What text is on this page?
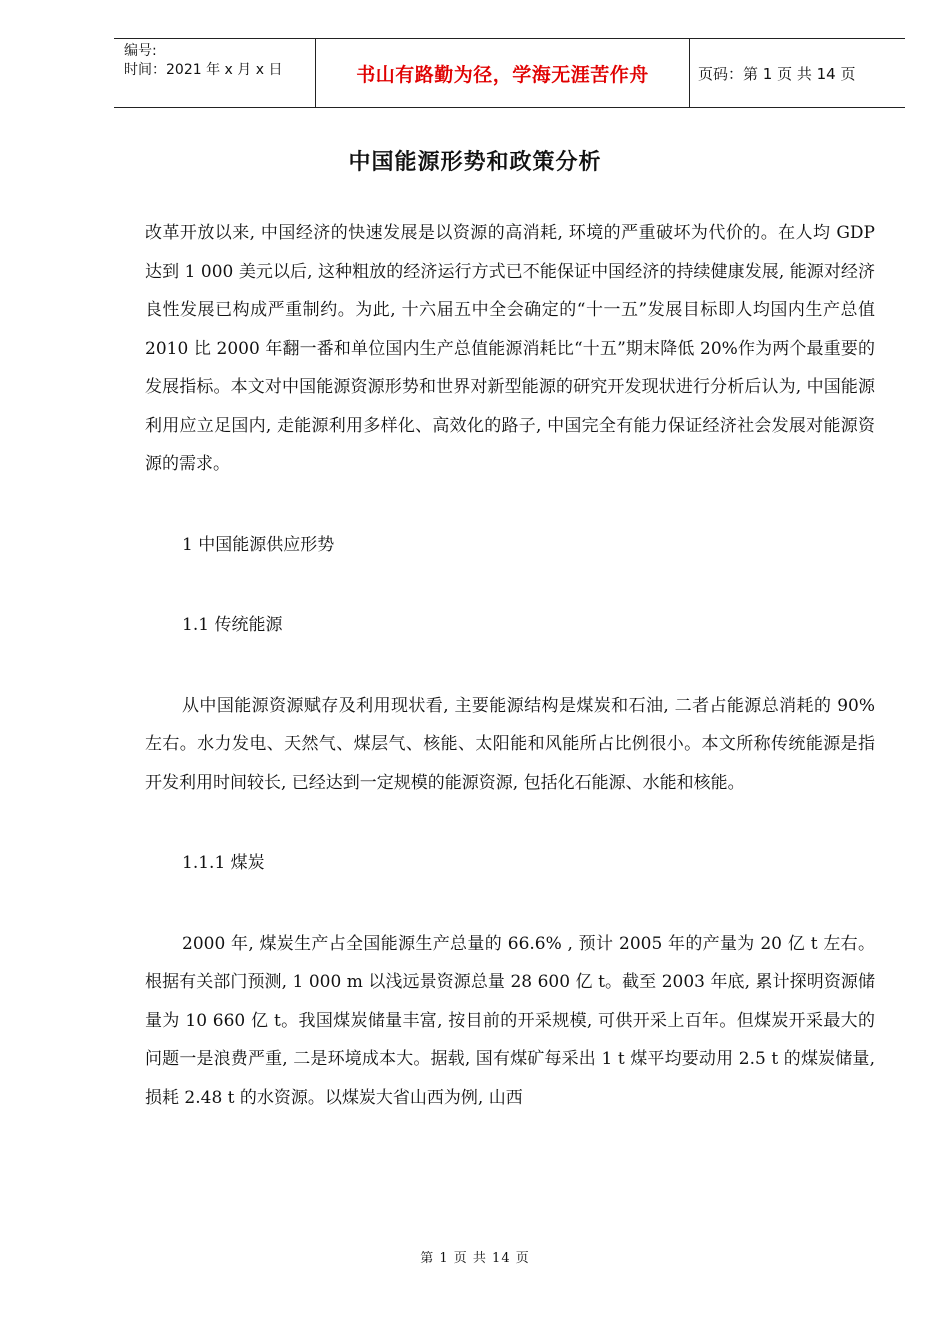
编号:
时间：2021 年 x 月 x 日	书山有路勤为径，学海无涯苦作舟	页码：第 1 页 共 14 页
中国能源形势和政策分析

改革开放以来, 中国经济的快速发展是以资源的高消耗, 环境的严重破坏为代价的。在人均 GDP 达到 1 000 美元以后, 这种粗放的经济运行方式已不能保证中国经济的持续健康发展, 能源对经济良性发展已构成严重制约。为此, 十六届五中全会确定的“十一五”发展目标即人均国内生产总值 2010 比 2000 年翻一番和单位国内生产总值能源消耗比“十五”期末降低 20%作为两个最重要的发展指标。本文对中国能源资源形势和世界对新型能源的研究开发现状进行分析后认为, 中国能源利用应立足国内, 走能源利用多样化、高效化的路子, 中国完全有能力保证经济社会发展对能源资源的需求。

1 中国能源供应形势

1.1 传统能源

从中国能源资源赋存及利用现状看, 主要能源结构是煤炭和石油, 二者占能源总消耗的 90%左右。水力发电、天然气、煤层气、核能、太阳能和风能所占比例很小。本文所称传统能源是指开发利用时间较长, 已经达到一定规模的能源资源, 包括化石能源、水能和核能。

1.1.1 煤炭

2000 年, 煤炭生产占全国能源生产总量的 66.6% , 预计 2005 年的产量为 20 亿 t 左右。根据有关部门预测, 1 000 m 以浅远景资源总量 28 600 亿 t。截至 2003 年底, 累计探明资源储量为 10 660 亿 t。我国煤炭储量丰富, 按目前的开采规模, 可供开采上百年。但煤炭开采最大的问题一是浪费严重, 二是环境成本大。据载, 国有煤矿每采出 1 t 煤平均要动用 2.5 t 的煤炭储量, 损耗 2.48 t 的水资源。以煤炭大省山西为例, 山西

第 1 页 共 14 页
